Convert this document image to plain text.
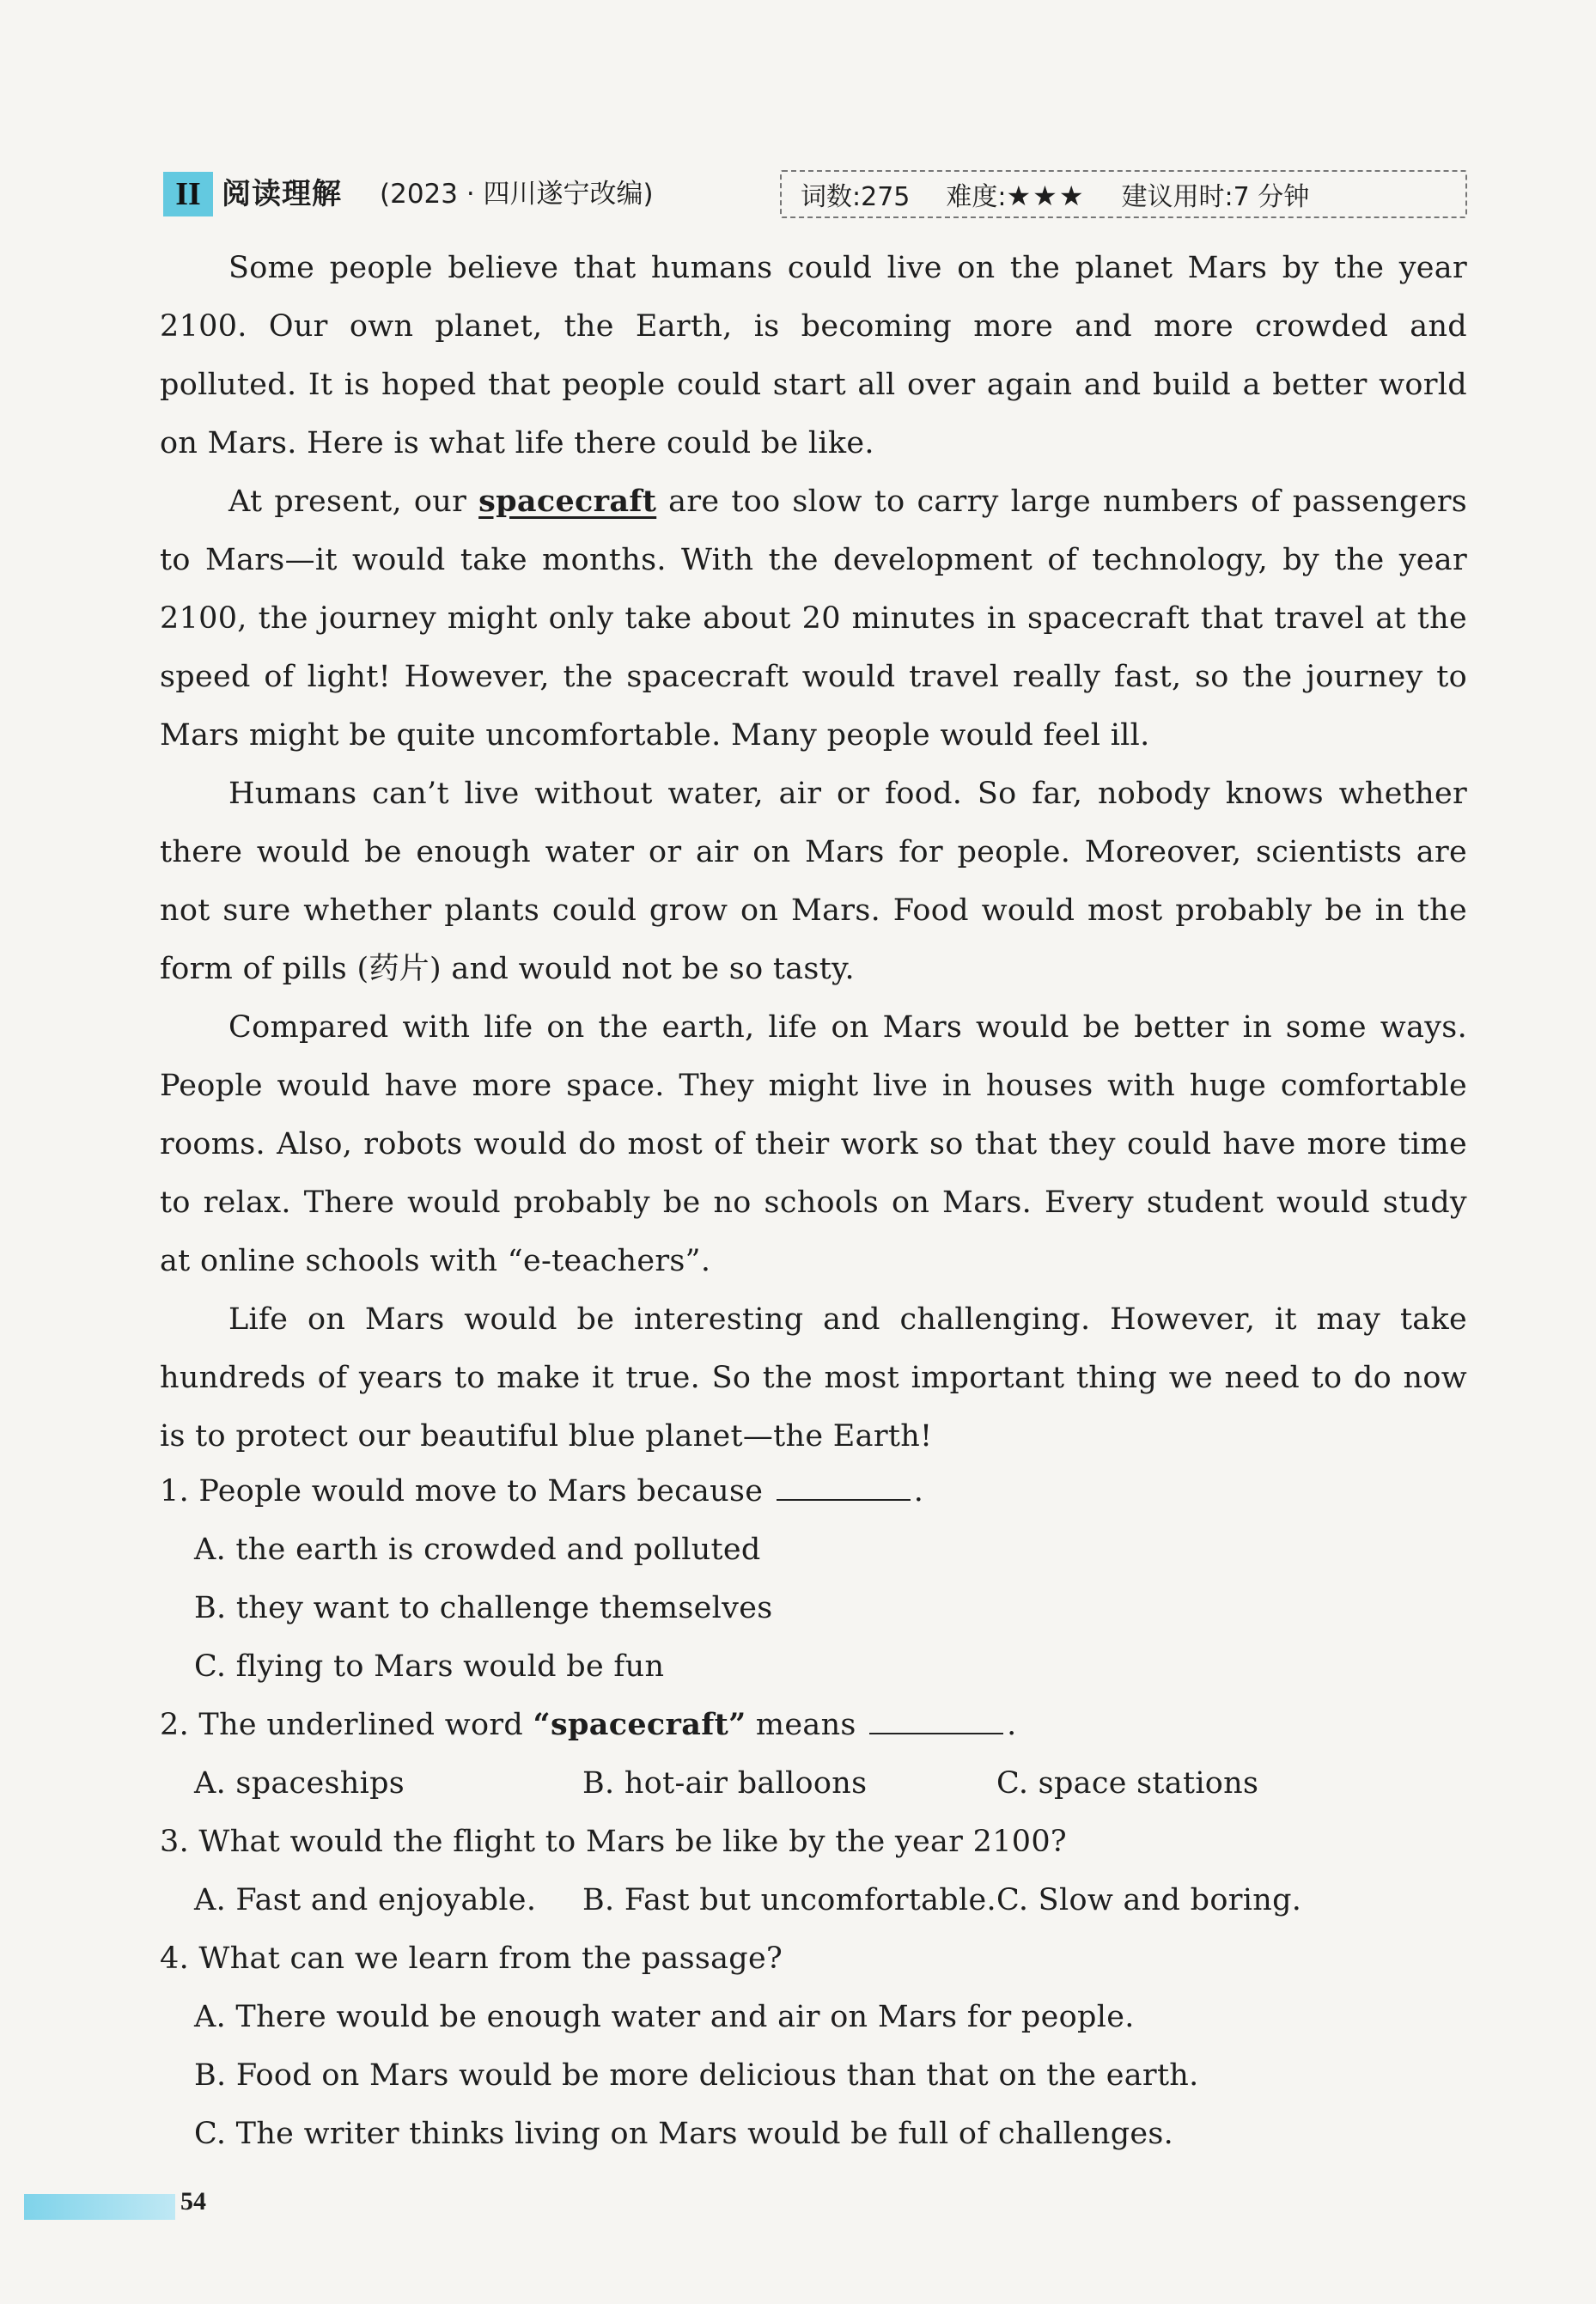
II 阅读理解 (2023 · 四川遂宁改编)	词数:275 难度:★★★ 建议用时:7 分钟

Some people believe that humans could live on the planet Mars by the year 2100. Our own planet, the Earth, is becoming more and more crowded and polluted. It is hoped that people could start all over again and build a better world on Mars. Here is what life there could be like.

At present, our spacecraft are too slow to carry large numbers of passengers to Mars—it would take months. With the development of technology, by the year 2100, the journey might only take about 20 minutes in spacecraft that travel at the speed of light! However, the spacecraft would travel really fast, so the journey to Mars might be quite uncomfortable. Many people would feel ill.

Humans can’t live without water, air or food. So far, nobody knows whether there would be enough water or air on Mars for people. Moreover, scientists are not sure whether plants could grow on Mars. Food would most probably be in the form of pills (药片) and would not be so tasty.

Compared with life on the earth, life on Mars would be better in some ways. People would have more space. They might live in houses with huge comfortable rooms. Also, robots would do most of their work so that they could have more time to relax. There would probably be no schools on Mars. Every student would study at online schools with “e-teachers”.

Life on Mars would be interesting and challenging. However, it may take hundreds of years to make it true. So the most important thing we need to do now is to protect our beautiful blue planet—the Earth!

1. People would move to Mars because	.

A. the earth is crowded and polluted

B. they want to challenge themselves

C. flying to Mars would be fun

2. The underlined word “spacecraft” means	.

A. spaceships	B. hot-air balloons	C. space stations

3. What would the flight to Mars be like by the year 2100?

A. Fast and enjoyable.	B. Fast but uncomfortable. C. Slow and boring.

4. What can we learn from the passage?

A. There would be enough water and air on Mars for people.

B. Food on Mars would be more delicious than that on the earth.

C. The writer thinks living on Mars would be full of challenges.

54
